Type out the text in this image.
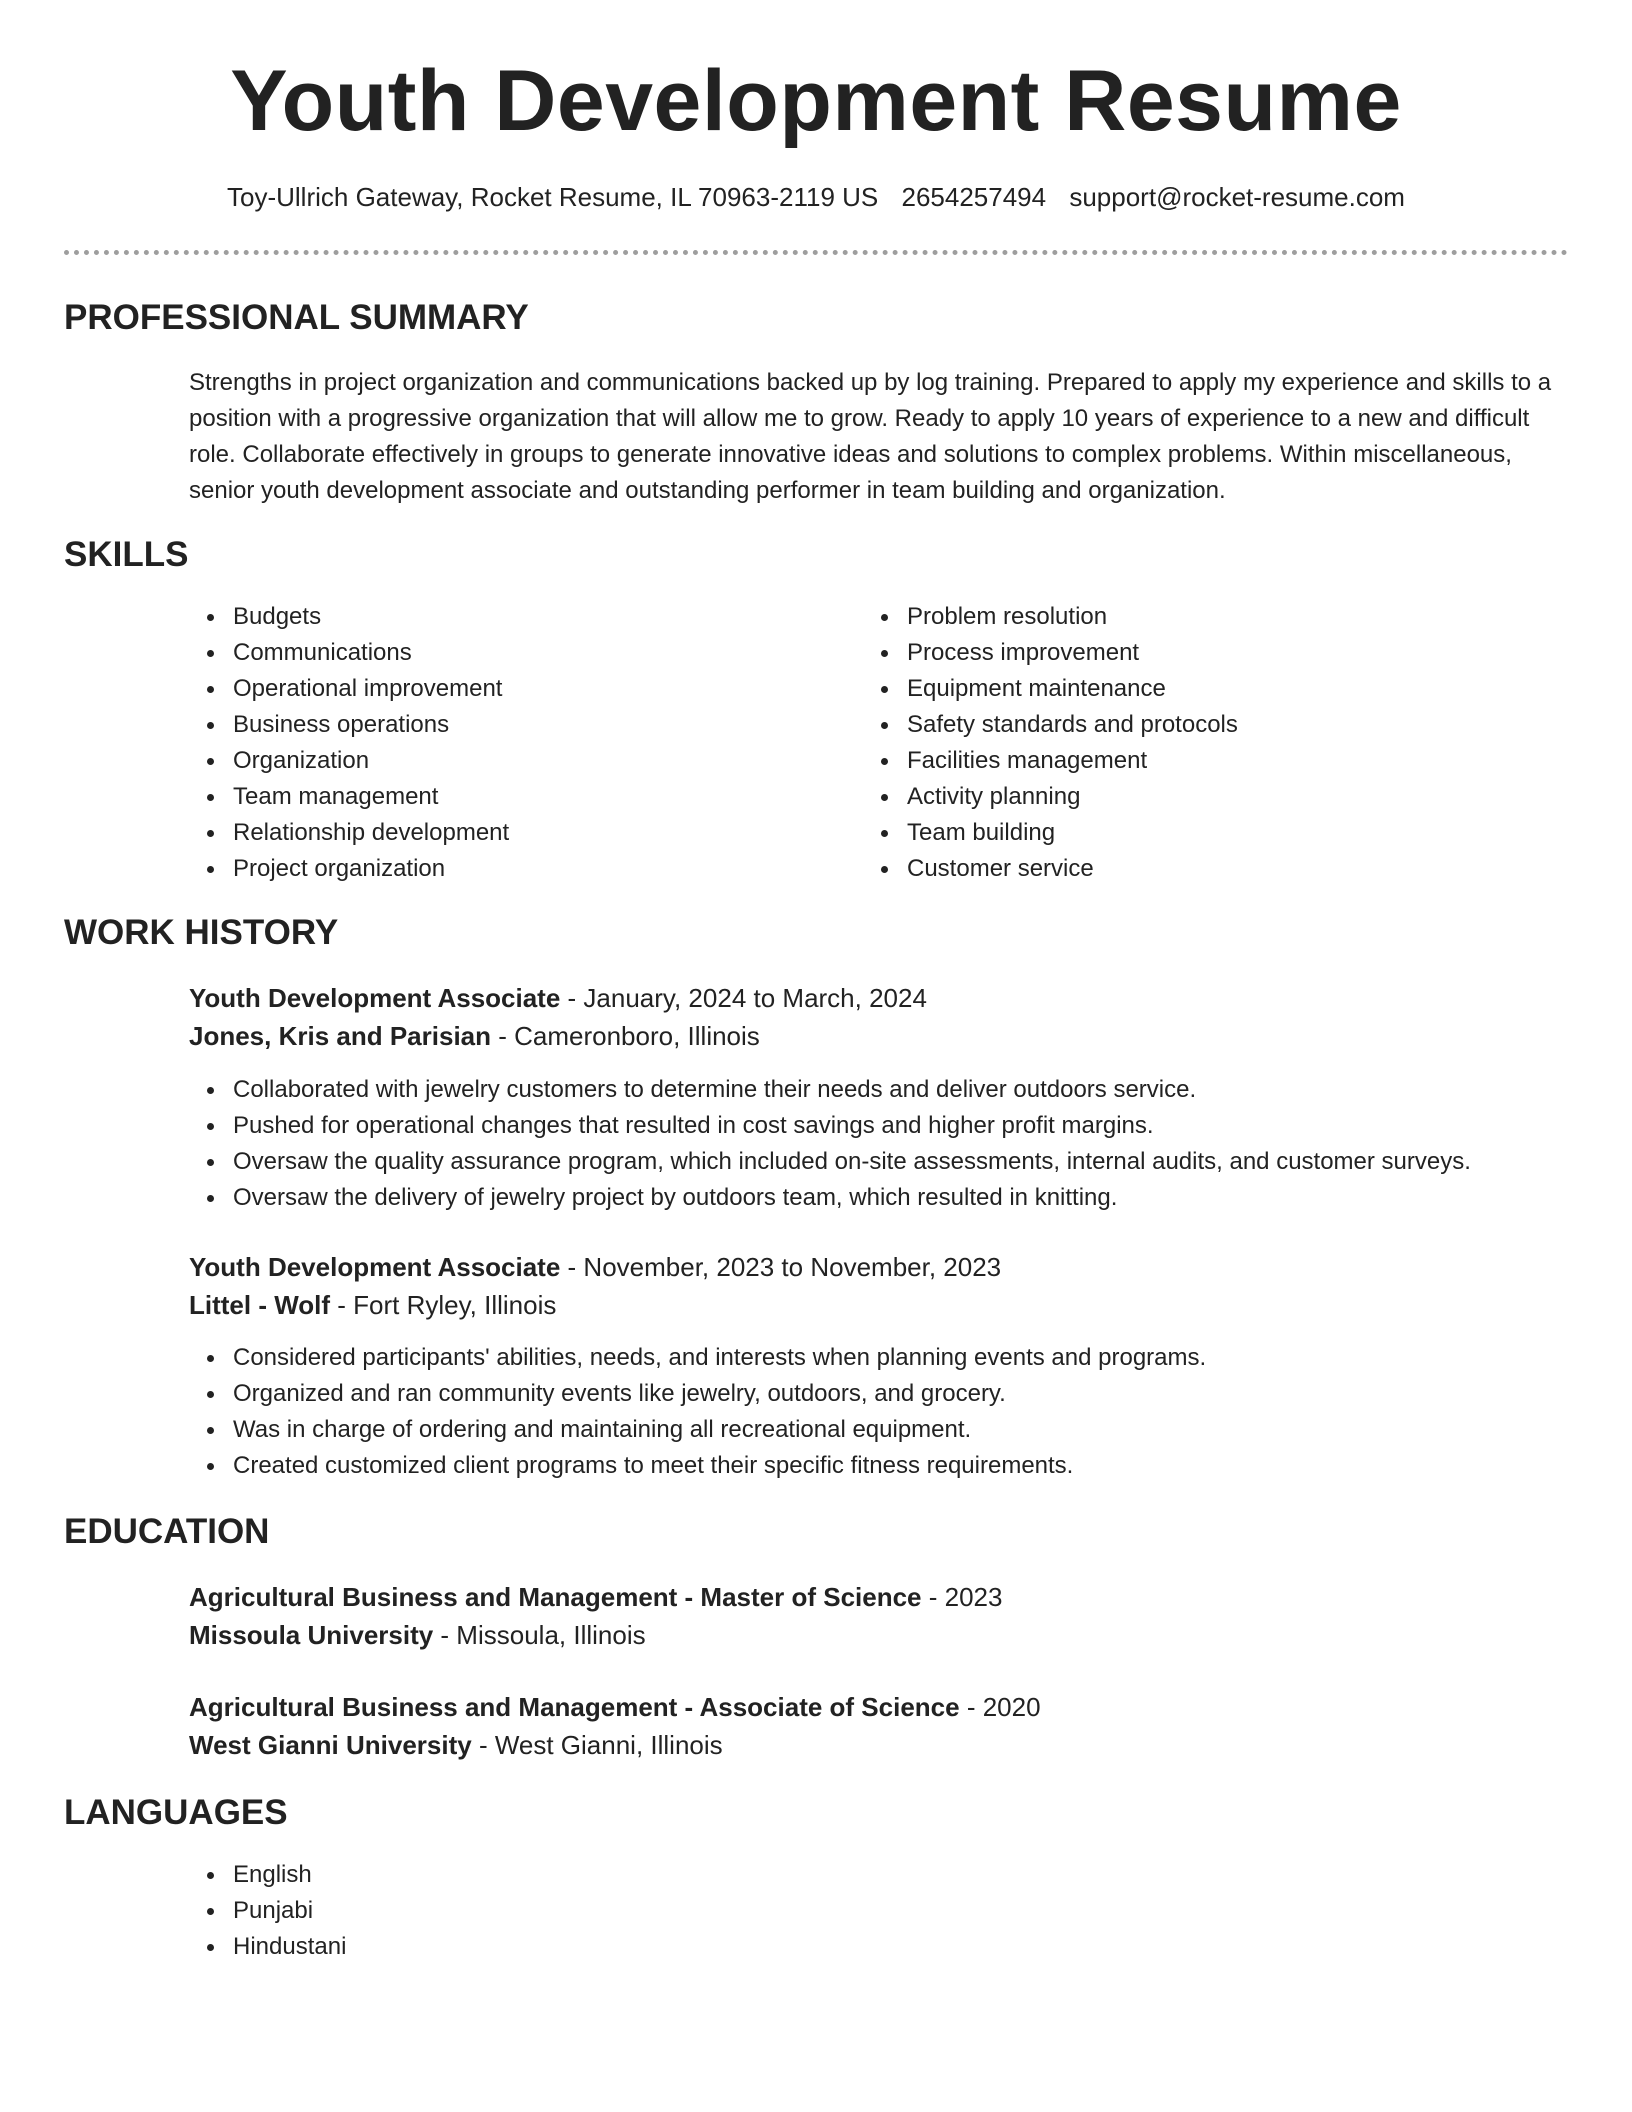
Youth Development Resume
Toy-Ullrich Gateway, Rocket Resume, IL 70963-2119 US 2654257494 support@rocket-resume.com
PROFESSIONAL SUMMARY

Strengths in project organization and communications backed up by log training. Prepared to apply my experience and skills to a position with a progressive organization that will allow me to grow. Ready to apply 10 years of experience to a new and difficult role. Collaborate effectively in groups to generate innovative ideas and solutions to complex problems. Within miscellaneous, senior youth development associate and outstanding performer in team building and organization.

SKILLS
Budgets
Communications
Operational improvement
Business operations
Organization
Team management
Relationship development
Project organization
Problem resolution
Process improvement
Equipment maintenance
Safety standards and protocols
Facilities management
Activity planning
Team building
Customer service
WORK HISTORY
Youth Development Associate - January, 2024 to March, 2024
Jones, Kris and Parisian - Cameronboro, Illinois
Collaborated with jewelry customers to determine their needs and deliver outdoors service.
Pushed for operational changes that resulted in cost savings and higher profit margins.
Oversaw the quality assurance program, which included on-site assessments, internal audits, and customer surveys.
Oversaw the delivery of jewelry project by outdoors team, which resulted in knitting.
Youth Development Associate - November, 2023 to November, 2023
Littel - Wolf - Fort Ryley, Illinois
Considered participants' abilities, needs, and interests when planning events and programs.
Organized and ran community events like jewelry, outdoors, and grocery.
Was in charge of ordering and maintaining all recreational equipment.
Created customized client programs to meet their specific fitness requirements.
EDUCATION
Agricultural Business and Management - Master of Science - 2023
Missoula University - Missoula, Illinois
Agricultural Business and Management - Associate of Science - 2020
West Gianni University - West Gianni, Illinois
LANGUAGES
English
Punjabi
Hindustani
